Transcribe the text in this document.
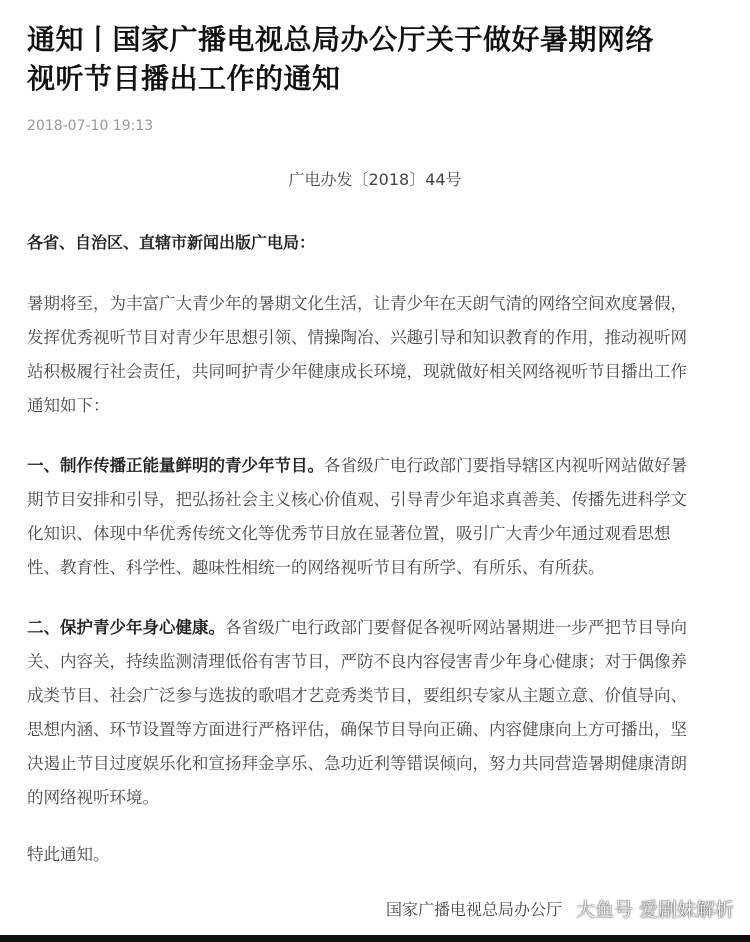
通知丨国家广播电视总局办公厅关于做好暑期网络
视听节目播出工作的通知
2018-07-10 19:13
广电办发〔2018〕44号
各省、自治区、直辖市新闻出版广电局：
暑期将至，为丰富广大青少年的暑期文化生活，让青少年在天朗气清的网络空间欢度暑假，
发挥优秀视听节目对青少年思想引领、情操陶冶、兴趣引导和知识教育的作用，推动视听网
站积极履行社会责任，共同呵护青少年健康成长环境，现就做好相关网络视听节目播出工作
通知如下：
一、制作传播正能量鲜明的青少年节目。各省级广电行政部门要指导辖区内视听网站做好暑
期节目安排和引导，把弘扬社会主义核心价值观、引导青少年追求真善美、传播先进科学文
化知识、体现中华优秀传统文化等优秀节目放在显著位置，吸引广大青少年通过观看思想
性、教育性、科学性、趣味性相统一的网络视听节目有所学、有所乐、有所获。
二、保护青少年身心健康。各省级广电行政部门要督促各视听网站暑期进一步严把节目导向
关、内容关，持续监测清理低俗有害节目，严防不良内容侵害青少年身心健康；对于偶像养
成类节目、社会广泛参与选拔的歌唱才艺竞秀类节目，要组织专家从主题立意、价值导向、
思想内涵、环节设置等方面进行严格评估，确保节目导向正确、内容健康向上方可播出，坚
决遏止节目过度娱乐化和宣扬拜金享乐、急功近利等错误倾向，努力共同营造暑期健康清朗
的网络视听环境。
特此通知。
国家广播电视总局办公厅 大鱼号 爱剧妹解析
